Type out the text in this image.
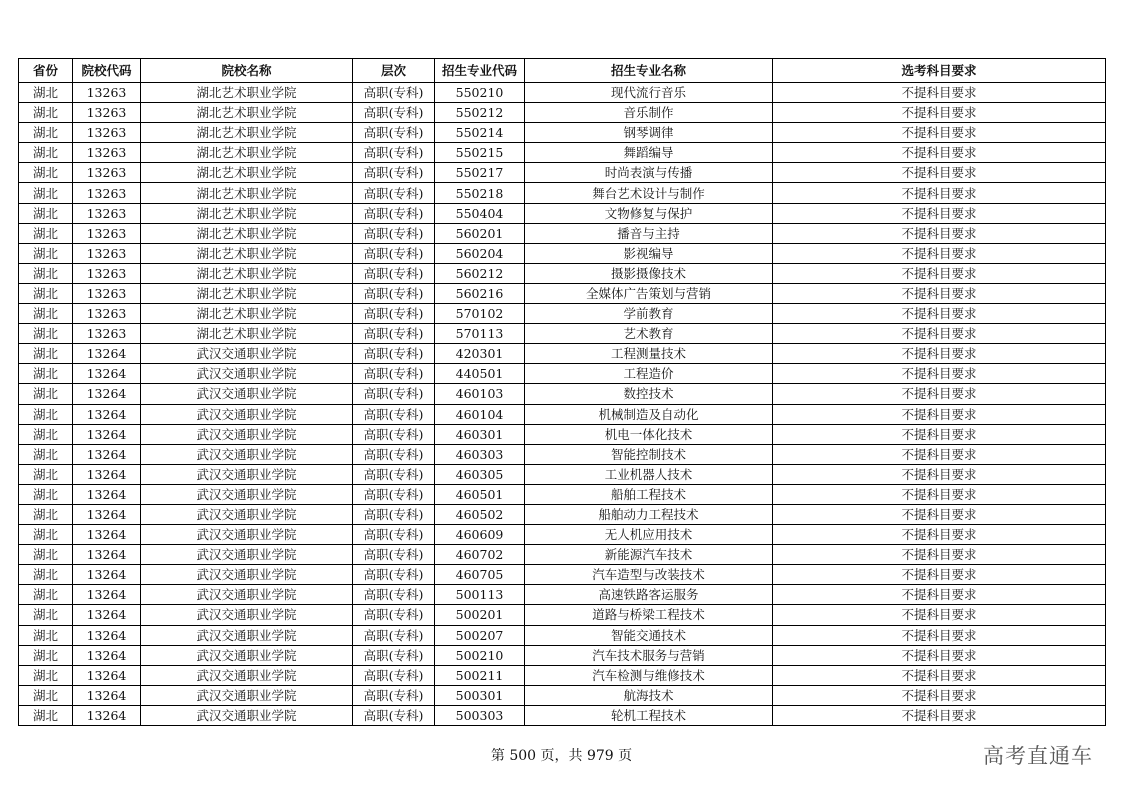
省份	院校代码	院校名称	层次	招生专业代码	招生专业名称	选考科目要求
湖北	13263	湖北艺术职业学院	高职(专科)	550210	现代流行音乐	不提科目要求
湖北	13263	湖北艺术职业学院	高职(专科)	550212	音乐制作	不提科目要求
湖北	13263	湖北艺术职业学院	高职(专科)	550214	钢琴调律	不提科目要求
湖北	13263	湖北艺术职业学院	高职(专科)	550215	舞蹈编导	不提科目要求
湖北	13263	湖北艺术职业学院	高职(专科)	550217	时尚表演与传播	不提科目要求
湖北	13263	湖北艺术职业学院	高职(专科)	550218	舞台艺术设计与制作	不提科目要求
湖北	13263	湖北艺术职业学院	高职(专科)	550404	文物修复与保护	不提科目要求
湖北	13263	湖北艺术职业学院	高职(专科)	560201	播音与主持	不提科目要求
湖北	13263	湖北艺术职业学院	高职(专科)	560204	影视编导	不提科目要求
湖北	13263	湖北艺术职业学院	高职(专科)	560212	摄影摄像技术	不提科目要求
湖北	13263	湖北艺术职业学院	高职(专科)	560216	全媒体广告策划与营销	不提科目要求
湖北	13263	湖北艺术职业学院	高职(专科)	570102	学前教育	不提科目要求
湖北	13263	湖北艺术职业学院	高职(专科)	570113	艺术教育	不提科目要求
湖北	13264	武汉交通职业学院	高职(专科)	420301	工程测量技术	不提科目要求
湖北	13264	武汉交通职业学院	高职(专科)	440501	工程造价	不提科目要求
湖北	13264	武汉交通职业学院	高职(专科)	460103	数控技术	不提科目要求
湖北	13264	武汉交通职业学院	高职(专科)	460104	机械制造及自动化	不提科目要求
湖北	13264	武汉交通职业学院	高职(专科)	460301	机电一体化技术	不提科目要求
湖北	13264	武汉交通职业学院	高职(专科)	460303	智能控制技术	不提科目要求
湖北	13264	武汉交通职业学院	高职(专科)	460305	工业机器人技术	不提科目要求
湖北	13264	武汉交通职业学院	高职(专科)	460501	船舶工程技术	不提科目要求
湖北	13264	武汉交通职业学院	高职(专科)	460502	船舶动力工程技术	不提科目要求
湖北	13264	武汉交通职业学院	高职(专科)	460609	无人机应用技术	不提科目要求
湖北	13264	武汉交通职业学院	高职(专科)	460702	新能源汽车技术	不提科目要求
湖北	13264	武汉交通职业学院	高职(专科)	460705	汽车造型与改装技术	不提科目要求
湖北	13264	武汉交通职业学院	高职(专科)	500113	高速铁路客运服务	不提科目要求
湖北	13264	武汉交通职业学院	高职(专科)	500201	道路与桥梁工程技术	不提科目要求
湖北	13264	武汉交通职业学院	高职(专科)	500207	智能交通技术	不提科目要求
湖北	13264	武汉交通职业学院	高职(专科)	500210	汽车技术服务与营销	不提科目要求
湖北	13264	武汉交通职业学院	高职(专科)	500211	汽车检测与维修技术	不提科目要求
湖北	13264	武汉交通职业学院	高职(专科)	500301	航海技术	不提科目要求
湖北	13264	武汉交通职业学院	高职(专科)	500303	轮机工程技术	不提科目要求
第 500 页，共 979 页	高考直通车
